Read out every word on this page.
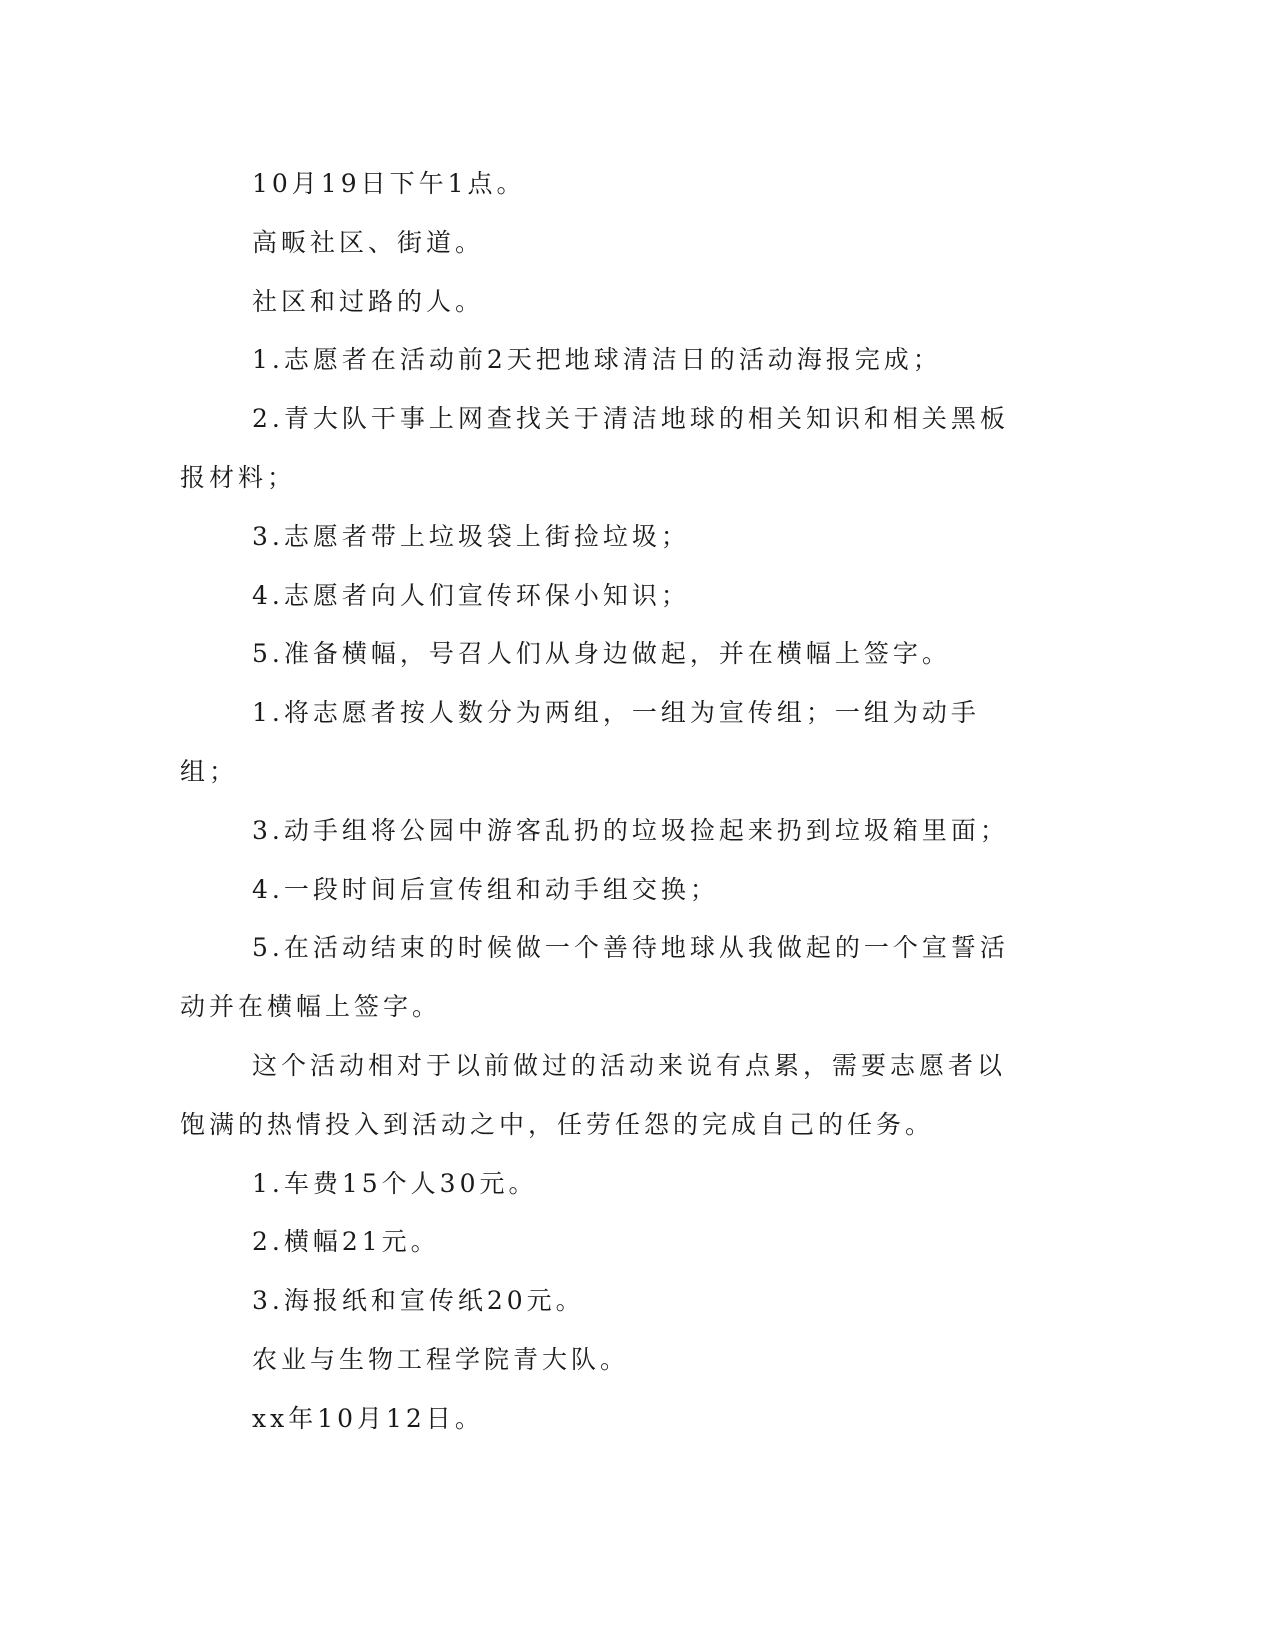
10月19日下午1点。

高畈社区、街道。

社区和过路的人。

1.志愿者在活动前2天把地球清洁日的活动海报完成；

2.青大队干事上网查找关于清洁地球的相关知识和相关黑板报材料；

3.志愿者带上垃圾袋上街捡垃圾；

4.志愿者向人们宣传环保小知识；

5.准备横幅，号召人们从身边做起，并在横幅上签字。

1.将志愿者按人数分为两组，一组为宣传组；一组为动手组；

3.动手组将公园中游客乱扔的垃圾捡起来扔到垃圾箱里面；

4.一段时间后宣传组和动手组交换；

5.在活动结束的时候做一个善待地球从我做起的一个宣誓活动并在横幅上签字。

这个活动相对于以前做过的活动来说有点累，需要志愿者以饱满的热情投入到活动之中，任劳任怨的完成自己的任务。

1.车费15个人30元。

2.横幅21元。

3.海报纸和宣传纸20元。

农业与生物工程学院青大队。

xx年10月12日。
